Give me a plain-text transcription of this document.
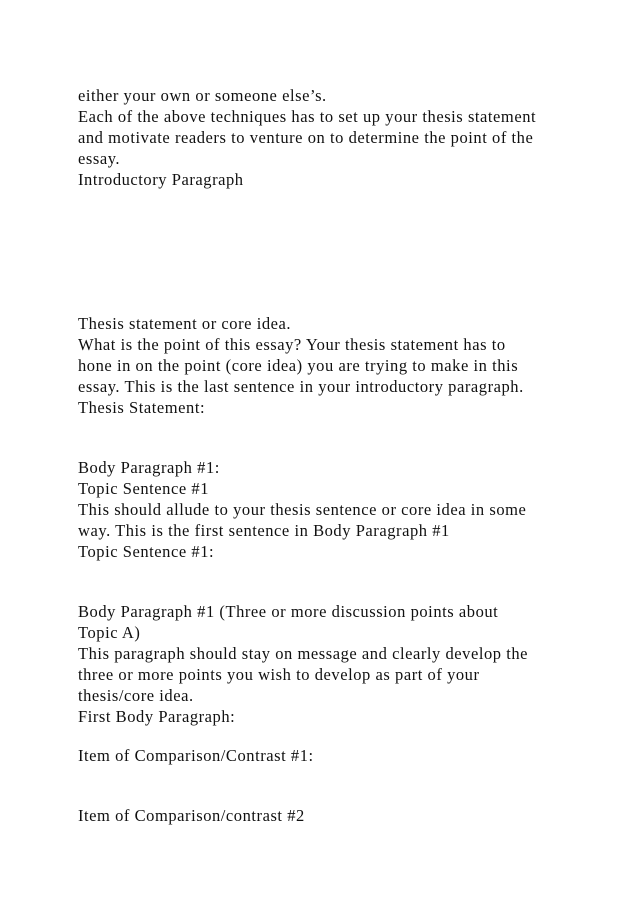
either your own or someone else’s.
Each of the above techniques has to set up your thesis statement
and motivate readers to venture on to determine the point of the
essay.
Introductory Paragraph
Thesis statement or core idea.
What is the point of this essay? Your thesis statement has to
hone in on the point (core idea) you are trying to make in this
essay. This is the last sentence in your introductory paragraph.
Thesis Statement:
Body Paragraph #1:
Topic Sentence #1
This should allude to your thesis sentence or core idea in some
way. This is the first sentence in Body Paragraph #1
Topic Sentence #1:
Body Paragraph #1 (Three or more discussion points about
Topic A)
This paragraph should stay on message and clearly develop the
three or more points you wish to develop as part of your
thesis/core idea.
First Body Paragraph:
Item of Comparison/Contrast #1:
Item of Comparison/contrast #2
